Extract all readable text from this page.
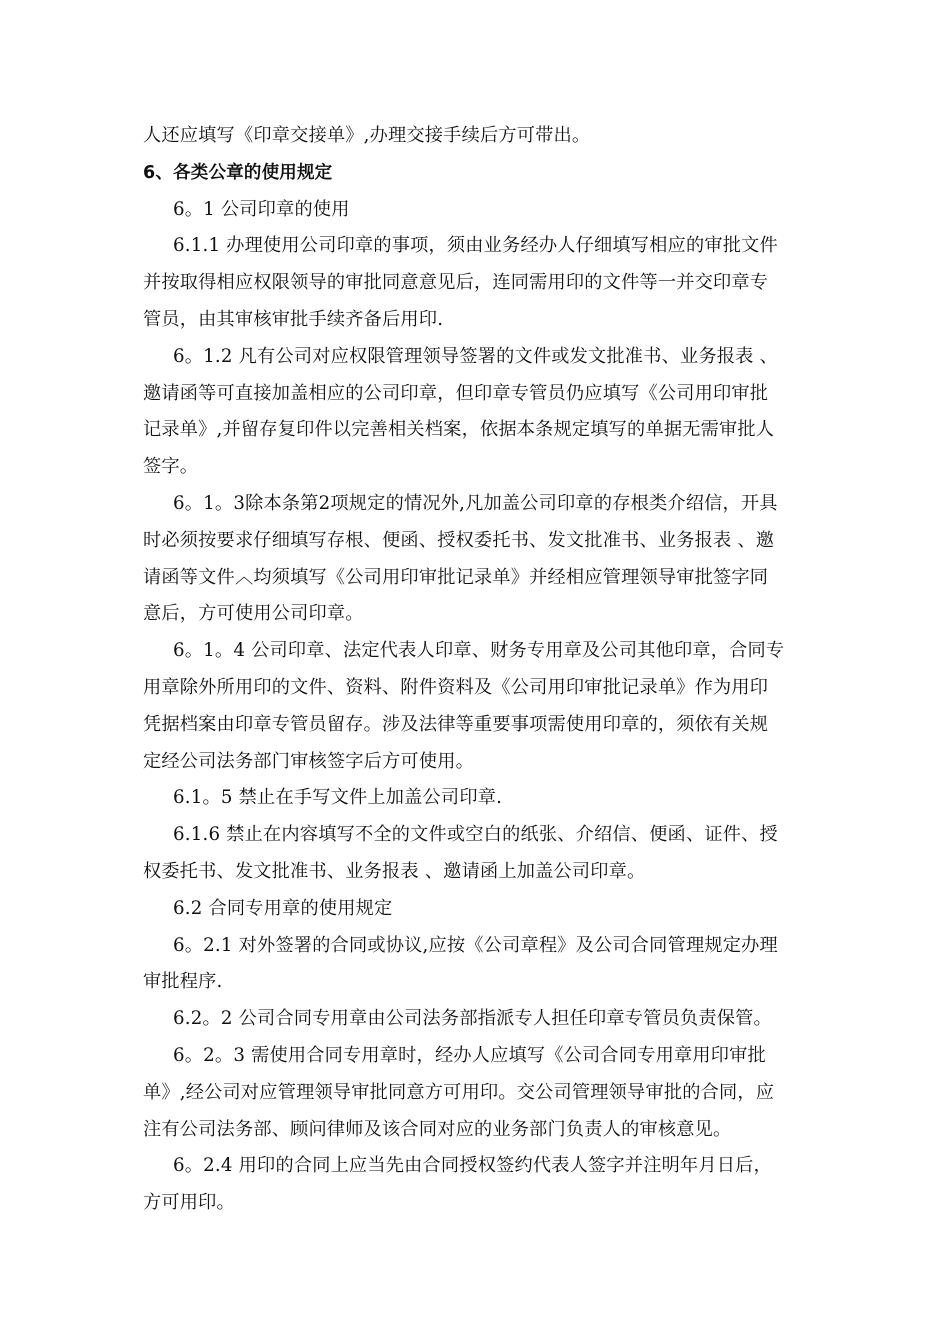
人还应填写《印章交接单》,办理交接手续后方可带出。
6、各类公章的使用规定
6。1 公司印章的使用
6.1.1 办理使用公司印章的事项，须由业务经办人仔细填写相应的审批文件
并按取得相应权限领导的审批同意意见后，连同需用印的文件等一并交印章专
管员，由其审核审批手续齐备后用印.
6。1.2 凡有公司对应权限管理领导签署的文件或发文批准书、业务报表 、
邀请函等可直接加盖相应的公司印章，但印章专管员仍应填写《公司用印审批
记录单》,并留存复印件以完善相关档案，依据本条规定填写的单据无需审批人
签字。
6。1。3除本条第2项规定的情况外,凡加盖公司印章的存根类介绍信，开具
时必须按要求仔细填写存根、便函、授权委托书、发文批准书、业务报表 、邀
请函等文件︿均须填写《公司用印审批记录单》并经相应管理领导审批签字同
意后，方可使用公司印章。
6。1。4 公司印章、法定代表人印章、财务专用章及公司其他印章，合同专
用章除外所用印的文件、资料、附件资料及《公司用印审批记录单》作为用印
凭据档案由印章专管员留存。涉及法律等重要事项需使用印章的，须依有关规
定经公司法务部门审核签字后方可使用。
6.1。5 禁止在手写文件上加盖公司印章.
6.1.6 禁止在内容填写不全的文件或空白的纸张、介绍信、便函、证件、授
权委托书、发文批准书、业务报表 、邀请函上加盖公司印章。
6.2 合同专用章的使用规定
6。2.1 对外签署的合同或协议,应按《公司章程》及公司合同管理规定办理
审批程序.
6.2。2 公司合同专用章由公司法务部指派专人担任印章专管员负责保管。
6。2。3 需使用合同专用章时，经办人应填写《公司合同专用章用印审批
单》,经公司对应管理领导审批同意方可用印。交公司管理领导审批的合同，应
注有公司法务部、顾问律师及该合同对应的业务部门负责人的审核意见。
6。2.4 用印的合同上应当先由合同授权签约代表人签字并注明年月日后，
方可用印。
